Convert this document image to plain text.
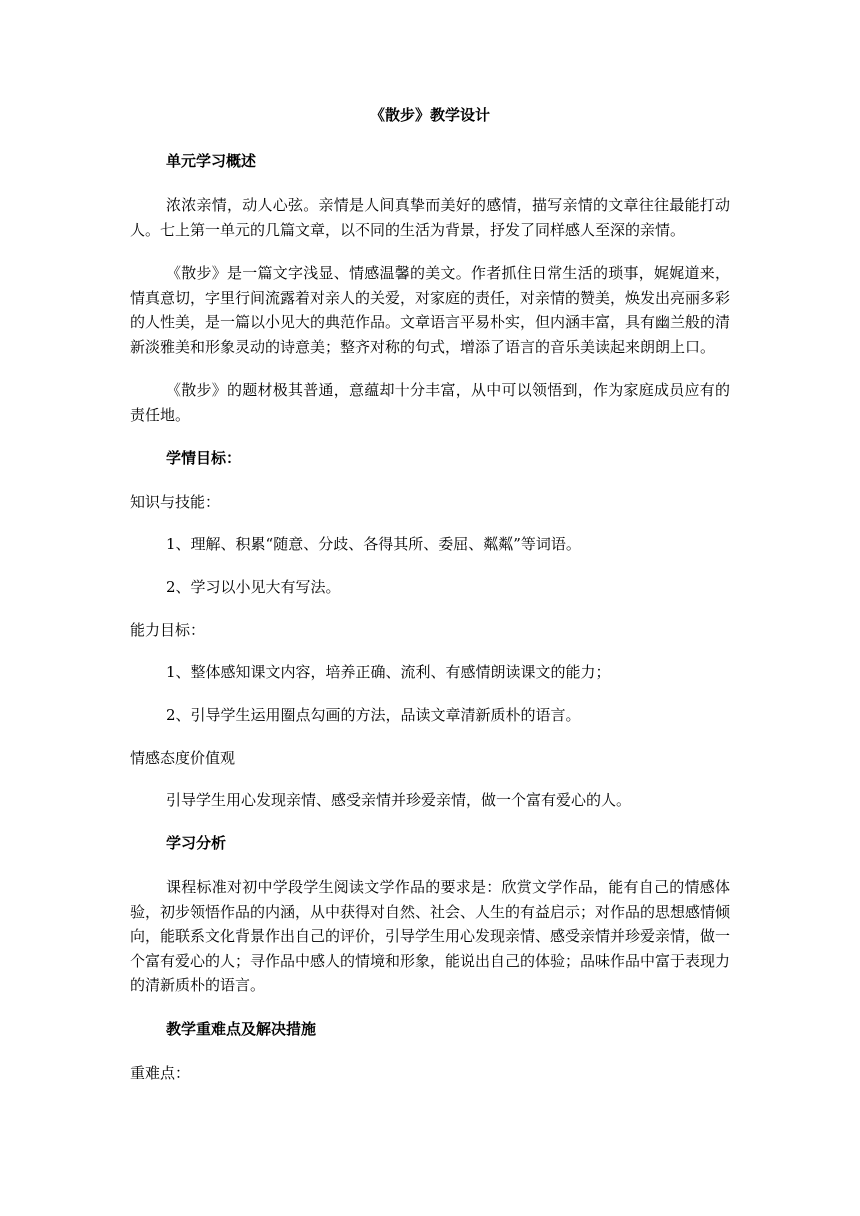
《散步》教学设计
单元学习概述

浓浓亲情，动人心弦。亲情是人间真挚而美好的感情，描写亲情的文章往往最能打动人。七上第一单元的几篇文章，以不同的生活为背景，抒发了同样感人至深的亲情。

《散步》是一篇文字浅显、情感温馨的美文。作者抓住日常生活的琐事，娓娓道来，情真意切，字里行间流露着对亲人的关爱，对家庭的责任，对亲情的赞美，焕发出亮丽多彩的人性美，是一篇以小见大的典范作品。文章语言平易朴实，但内涵丰富，具有幽兰般的清新淡雅美和形象灵动的诗意美；整齐对称的句式，增添了语言的音乐美读起来朗朗上口。

《散步》的题材极其普通，意蕴却十分丰富，从中可以领悟到，作为家庭成员应有的责任地。

学情目标：
知识与技能：
1、理解、积累“随意、分歧、各得其所、委屈、粼粼”等词语。
2、学习以小见大有写法。
能力目标：
1、整体感知课文内容，培养正确、流利、有感情朗读课文的能力；
2、引导学生运用圈点勾画的方法，品读文章清新质朴的语言。
情感态度价值观
引导学生用心发现亲情、感受亲情并珍爱亲情，做一个富有爱心的人。
学习分析

课程标准对初中学段学生阅读文学作品的要求是：欣赏文学作品，能有自己的情感体验，初步领悟作品的内涵，从中获得对自然、社会、人生的有益启示；对作品的思想感情倾向，能联系文化背景作出自己的评价，引导学生用心发现亲情、感受亲情并珍爱亲情，做一个富有爱心的人；寻作品中感人的情境和形象，能说出自己的体验；品味作品中富于表现力的清新质朴的语言。

教学重难点及解决措施
重难点：
